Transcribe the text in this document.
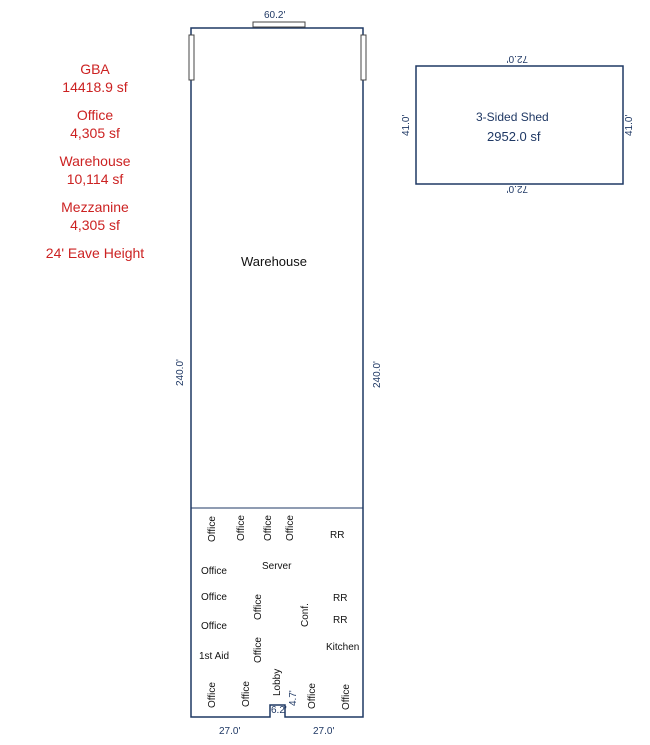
GBA
14418.9 sf
Office
4,305 sf
Warehouse
10,114 sf
Mezzanine
4,305 sf
24' Eave Height
60.2'
240.0'	240.0'
27.0'	27.0'
6.2'
4.7'
Warehouse
Office Office Office Office	RR
Office	Server
Office	Office	Conf.
RR
RR
Office
Kitchen
1st Aid Office
Office Office Lobby
Office Office
3-Sided Shed
2952.0 sf
72.0'
72.0'
41.0'	41.0'
